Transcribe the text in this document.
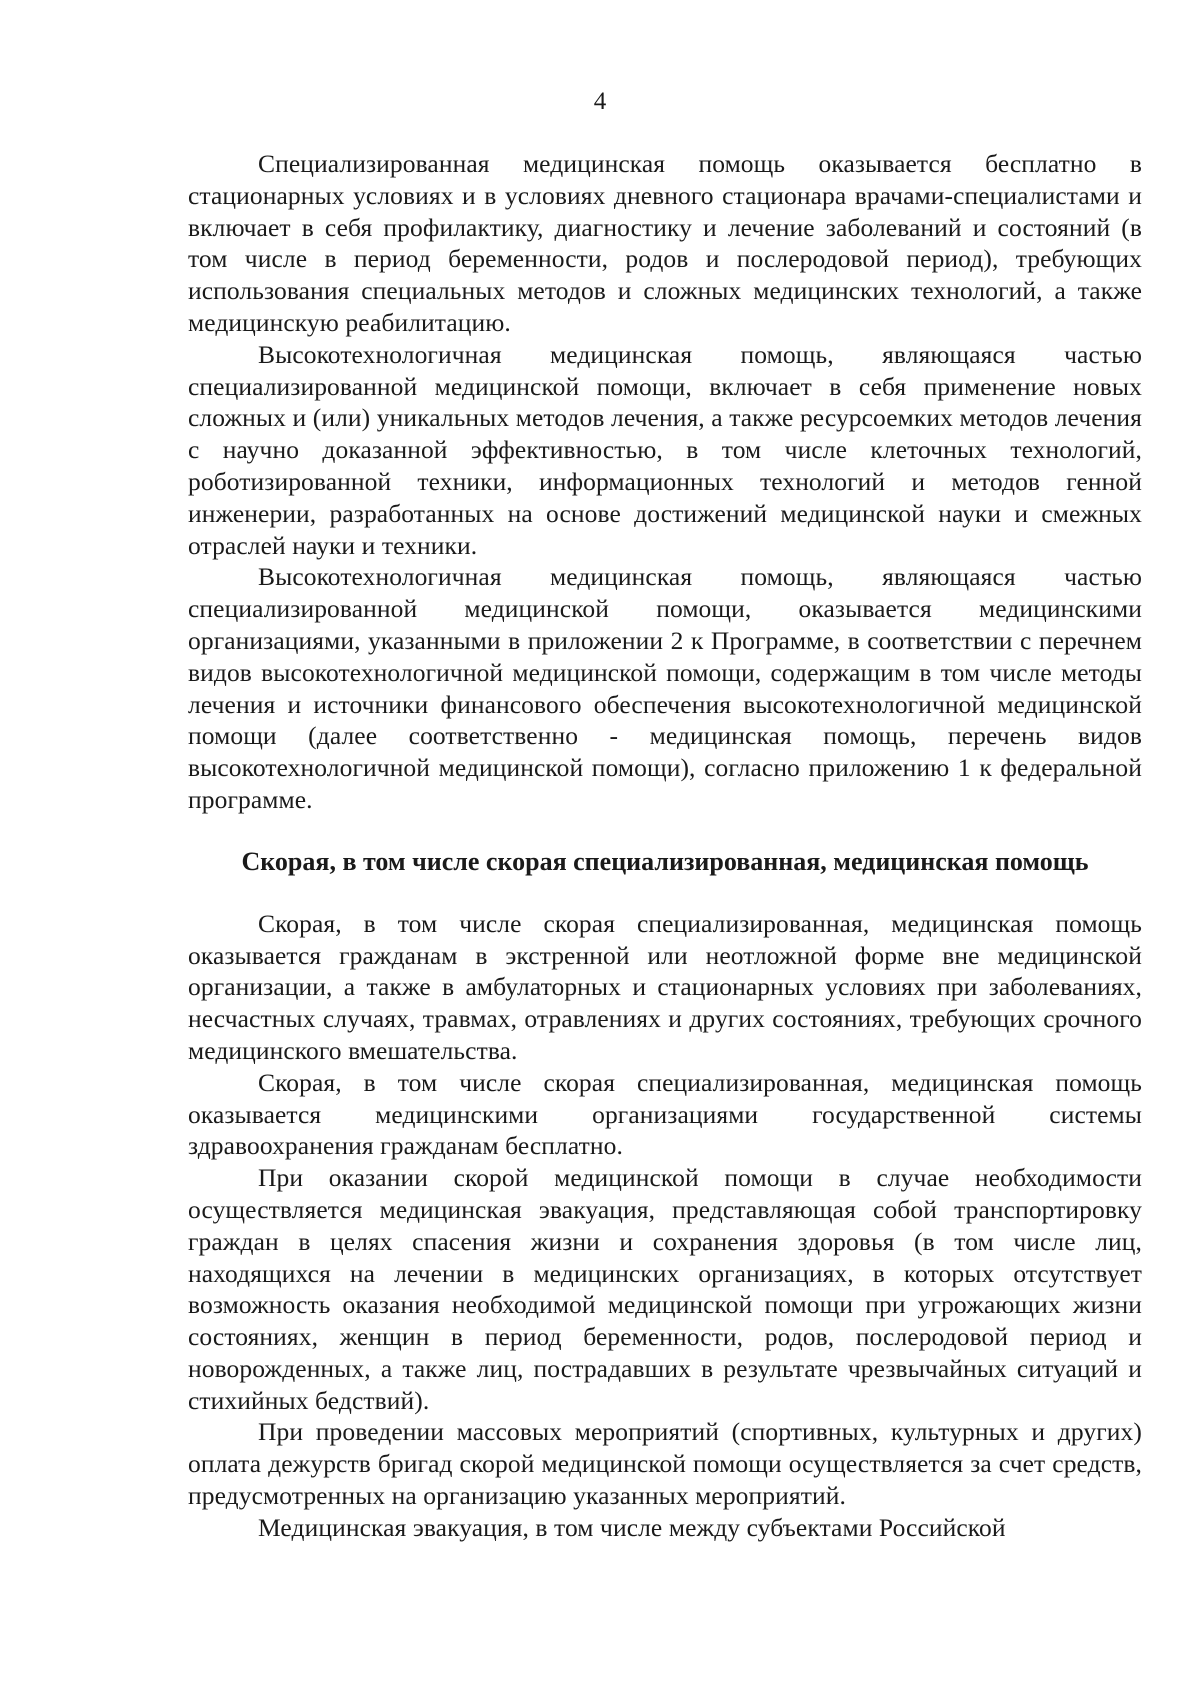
4

Специализированная медицинская помощь оказывается бесплатно в стационарных условиях и в условиях дневного стационара врачами-специалистами и включает в себя профилактику, диагностику и лечение заболеваний и состояний (в том числе в период беременности, родов и послеродовой период), требующих использования специальных методов и сложных медицинских технологий, а также медицинскую реабилитацию.

Высокотехнологичная медицинская помощь, являющаяся частью специализированной медицинской помощи, включает в себя применение новых сложных и (или) уникальных методов лечения, а также ресурсоемких методов лечения с научно доказанной эффективностью, в том числе клеточных технологий, роботизированной техники, информационных технологий и методов генной инженерии, разработанных на основе достижений медицинской науки и смежных отраслей науки и техники.

Высокотехнологичная медицинская помощь, являющаяся частью специализированной медицинской помощи, оказывается медицинскими организациями, указанными в приложении 2 к Программе, в соответствии с перечнем видов высокотехнологичной медицинской помощи, содержащим в том числе методы лечения и источники финансового обеспечения высокотехнологичной медицинской помощи (далее соответственно - медицинская помощь, перечень видов высокотехнологичной медицинской помощи), согласно приложению 1 к федеральной программе.

Скорая, в том числе скорая специализированная, медицинская помощь

Скорая, в том числе скорая специализированная, медицинская помощь оказывается гражданам в экстренной или неотложной форме вне медицинской организации, а также в амбулаторных и стационарных условиях при заболеваниях, несчастных случаях, травмах, отравлениях и других состояниях, требующих срочного медицинского вмешательства.

Скорая, в том числе скорая специализированная, медицинская помощь оказывается медицинскими организациями государственной системы здравоохранения гражданам бесплатно.

При оказании скорой медицинской помощи в случае необходимости осуществляется медицинская эвакуация, представляющая собой транспортировку граждан в целях спасения жизни и сохранения здоровья (в том числе лиц, находящихся на лечении в медицинских организациях, в которых отсутствует возможность оказания необходимой медицинской помощи при угрожающих жизни состояниях, женщин в период беременности, родов, послеродовой период и новорожденных, а также лиц, пострадавших в результате чрезвычайных ситуаций и стихийных бедствий).

При проведении массовых мероприятий (спортивных, культурных и других) оплата дежурств бригад скорой медицинской помощи осуществляется за счет средств, предусмотренных на организацию указанных мероприятий.

Медицинская эвакуация, в том числе между субъектами Российской
